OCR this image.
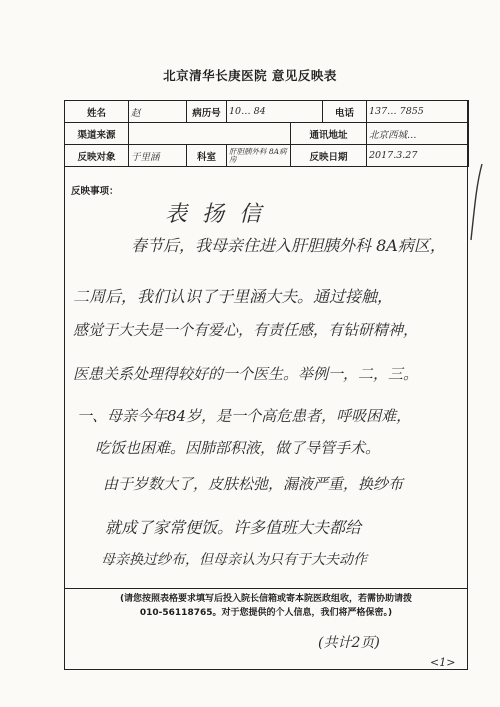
北京清华长庚医院 意见反映表
姓名	赵	病历号	10… 84		电话	137… 7855
渠道来源				通讯地址		北京西城…
反映对象	于里涵	科室	肝胆胰外科 8A病房	反映日期		2017.3.27
反映事项：
表 扬 信
春节后，我母亲住进入肝胆胰外科 8A病区，
二周后，我们认识了于里涵大夫。通过接触，
感觉于大夫是一个有爱心，有责任感，有钻研精神，
医患关系处理得较好的一个医生。举例一，二，三。
一、母亲今年84岁，是一个高危患者，呼吸困难，
吃饭也困难。因肺部积液，做了导管手术。
由于岁数大了，皮肤松弛，漏液严重，换纱布
就成了家常便饭。许多值班大夫都给
母亲换过纱布，但母亲认为只有于大夫动作
(请您按照表格要求填写后投入院长信箱或寄本院医政组收，若需协助请拨
010-56118765。对于您提供的个人信息，我们将严格保密。)
(共计2页)
<1>
